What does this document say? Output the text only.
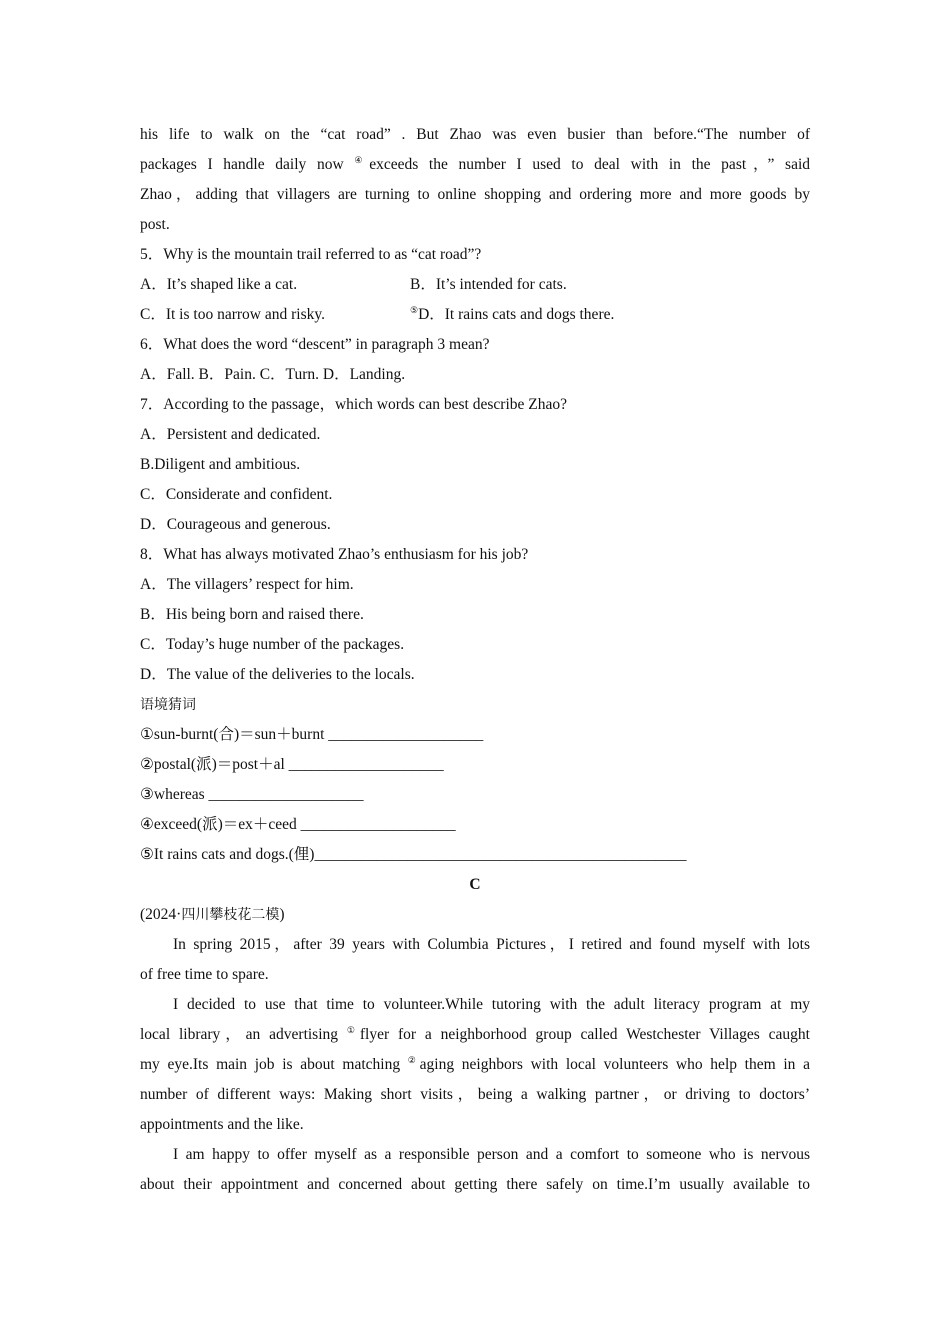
his life to walk on the “cat road” . But Zhao was even busier than before.“The number of
packages I handle daily now ④exceeds the number I used to deal with in the past，” said
Zhao，adding that villagers are turning to online shopping and ordering more and more goods by
post.
5．Why is the mountain trail referred to as “cat road”?
A．It’s shaped like a cat.	B．It’s intended for cats.
C．It is too narrow and risky.	⑤D．It rains cats and dogs there.
6．What does the word “descent” in paragraph 3 mean?
A．Fall. B．Pain. C．Turn. D．Landing.
7．According to the passage，which words can best describe Zhao?
A．Persistent and dedicated.
B.Diligent and ambitious.
C．Considerate and confident.
D．Courageous and generous.
8．What has always motivated Zhao’s enthusiasm for his job?
A．The villagers’ respect for him.
B．His being born and raised there.
C．Today’s huge number of the packages.
D．The value of the deliveries to the locals.
语境猜词
①sun-burnt(合)＝sun＋burnt ____________________
②postal(派)＝post＋al ____________________
③whereas ____________________
④exceed(派)＝ex＋ceed ____________________
⑤It rains cats and dogs.(俚)________________________________________________
C
(2024·四川攀枝花二模)
In spring 2015，after 39 years with Columbia Pictures，I retired and found myself with lots
of free time to spare.
I decided to use that time to volunteer.While tutoring with the adult literacy program at my
local library，an advertising ①flyer for a neighborhood group called Westchester Villages caught
my eye.Its main job is about matching ②aging neighbors with local volunteers who help them in a
number of different ways: Making short visits，being a walking partner，or driving to doctors’
appointments and the like.
I am happy to offer myself as a responsible person and a comfort to someone who is nervous
about their appointment and concerned about getting there safely on time.I’m usually available to
